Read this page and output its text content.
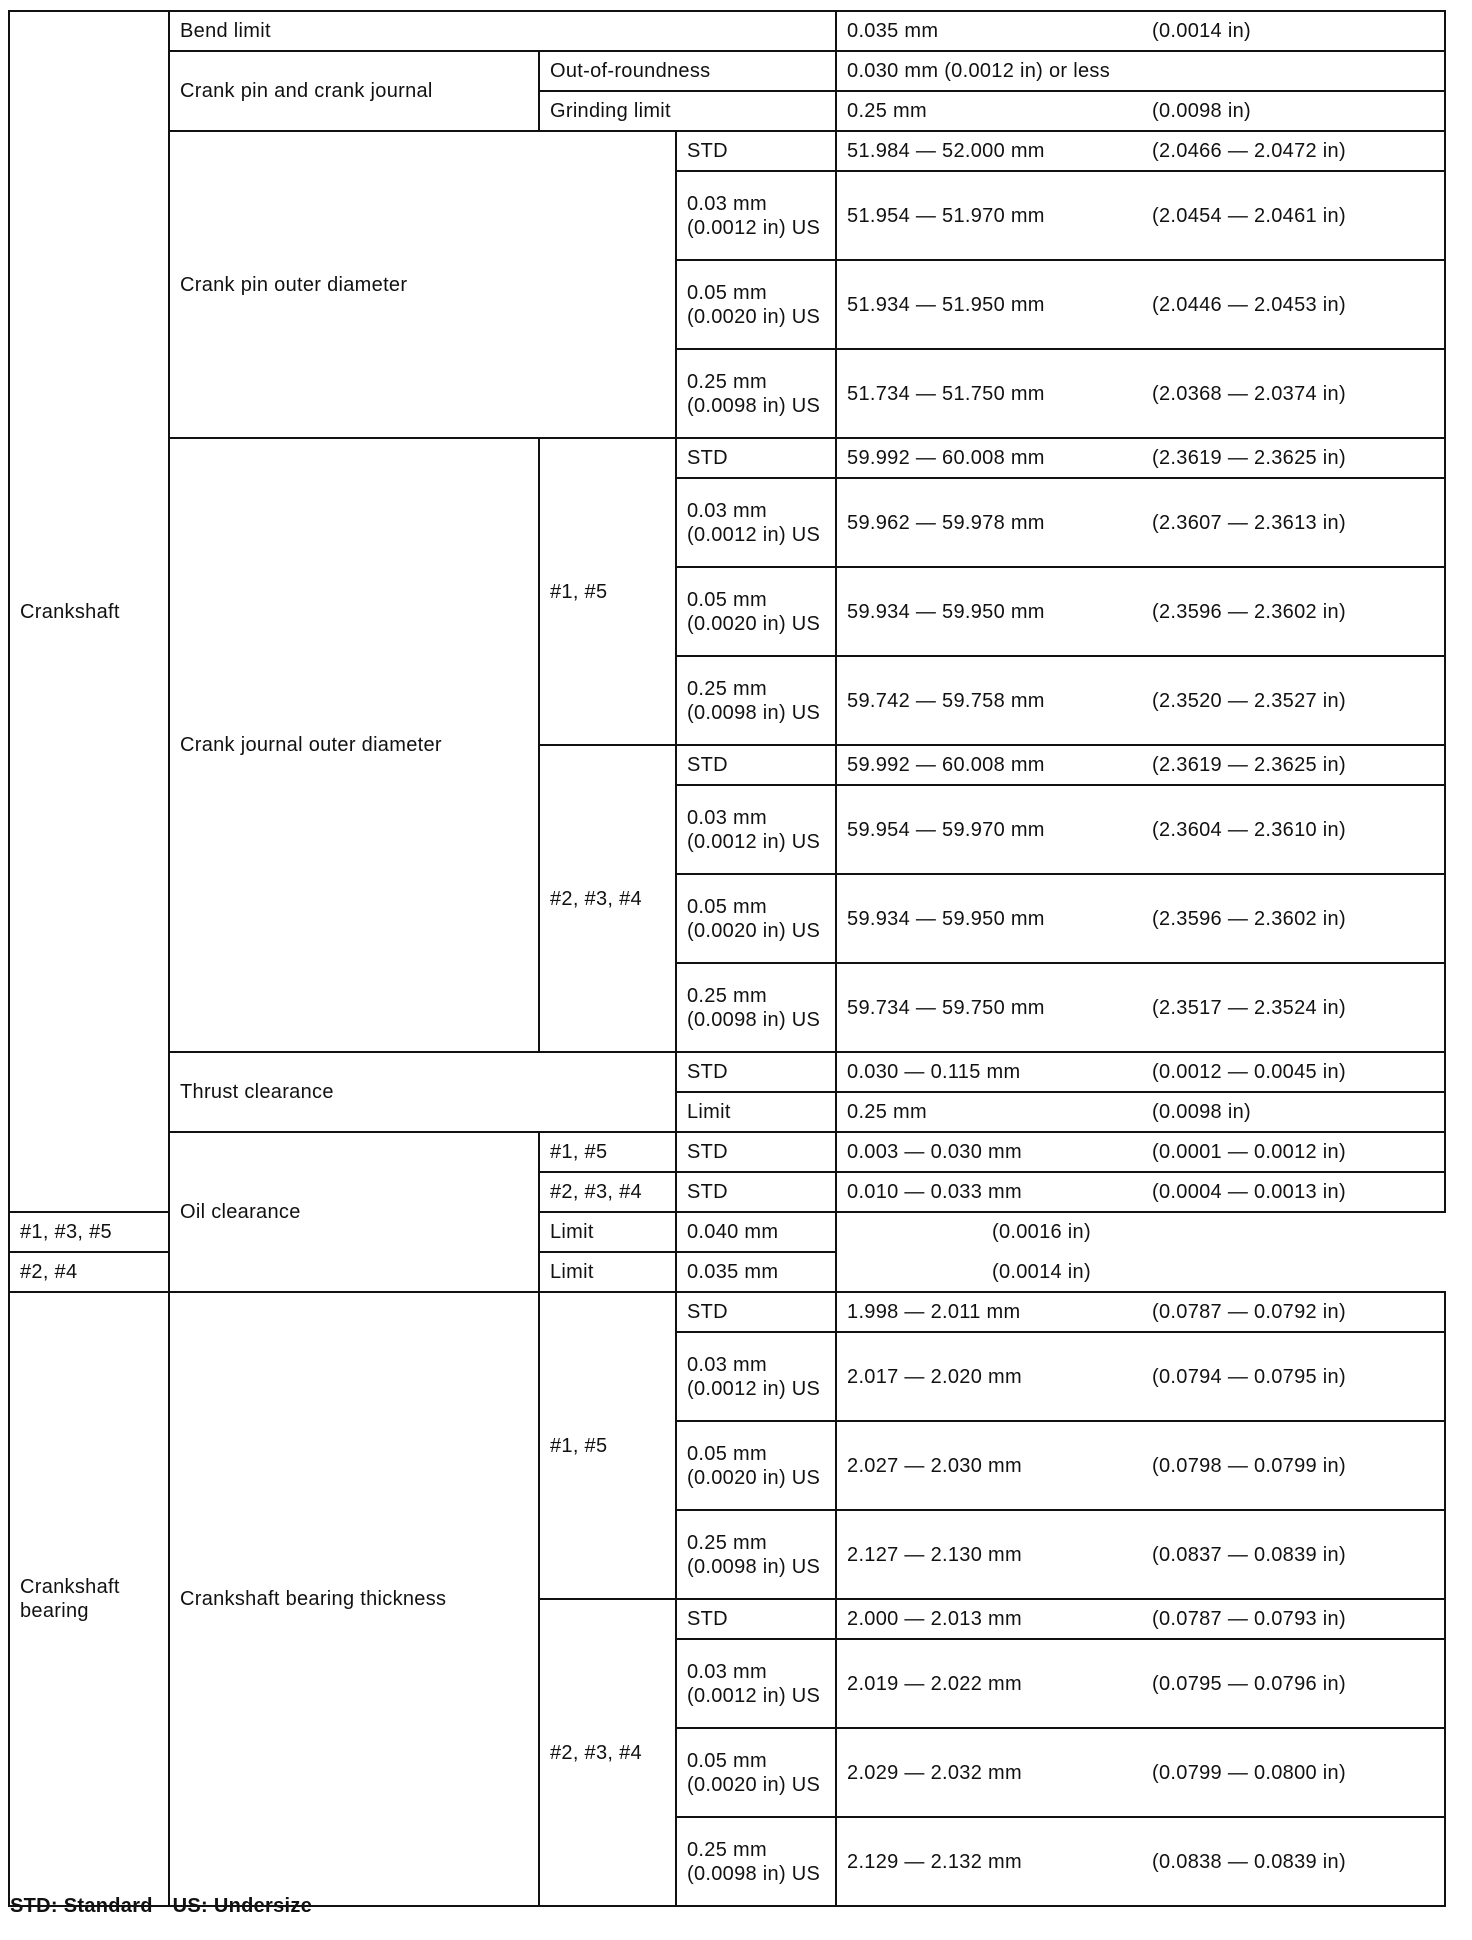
Crankshaft	Bend limit			0.035 mm (0.0014 in)
	Crank pin and crank journal	Out-of-roundness		0.030 mm (0.0012 in) or less
		Grinding limit		0.25 mm (0.0098 in)
	Crank pin outer diameter		STD	51.984 — 52.000 mm (2.0466 — 2.0472 in)
			0.03 mm (0.0012 in) US	51.954 — 51.970 mm (2.0454 — 2.0461 in)
			0.05 mm (0.0020 in) US	51.934 — 51.950 mm (2.0446 — 2.0453 in)
			0.25 mm (0.0098 in) US	51.734 — 51.750 mm (2.0368 — 2.0374 in)
	Crank journal outer diameter	#1, #5	STD	59.992 — 60.008 mm (2.3619 — 2.3625 in)
			0.03 mm (0.0012 in) US	59.962 — 59.978 mm (2.3607 — 2.3613 in)
			0.05 mm (0.0020 in) US	59.934 — 59.950 mm (2.3596 — 2.3602 in)
			0.25 mm (0.0098 in) US	59.742 — 59.758 mm (2.3520 — 2.3527 in)
		#2, #3, #4	STD	59.992 — 60.008 mm (2.3619 — 2.3625 in)
			0.03 mm (0.0012 in) US	59.954 — 59.970 mm (2.3604 — 2.3610 in)
			0.05 mm (0.0020 in) US	59.934 — 59.950 mm (2.3596 — 2.3602 in)
			0.25 mm (0.0098 in) US	59.734 — 59.750 mm (2.3517 — 2.3524 in)
	Thrust clearance		STD	0.030 — 0.115 mm (0.0012 — 0.0045 in)
			Limit	0.25 mm (0.0098 in)
	Oil clearance	#1, #5	STD	0.003 — 0.030 mm (0.0001 — 0.0012 in)
		#2, #3, #4	STD	0.010 — 0.033 mm (0.0004 — 0.0013 in)
#1, #3, #5		Limit	0.040 mm (0.0016 in)	
#2, #4		Limit	0.035 mm (0.0014 in)	
Crankshaft bearing	Crankshaft bearing thickness	#1, #5	STD	1.998 — 2.011 mm (0.0787 — 0.0792 in)
			0.03 mm (0.0012 in) US	2.017 — 2.020 mm (0.0794 — 0.0795 in)
			0.05 mm (0.0020 in) US	2.027 — 2.030 mm (0.0798 — 0.0799 in)
			0.25 mm (0.0098 in) US	2.127 — 2.130 mm (0.0837 — 0.0839 in)
		#2, #3, #4	STD	2.000 — 2.013 mm (0.0787 — 0.0793 in)
			0.03 mm (0.0012 in) US	2.019 — 2.022 mm (0.0795 — 0.0796 in)
			0.05 mm (0.0020 in) US	2.029 — 2.032 mm (0.0799 — 0.0800 in)
			0.25 mm (0.0098 in) US	2.129 — 2.132 mm (0.0838 — 0.0839 in)
STD: Standard US: Undersize
